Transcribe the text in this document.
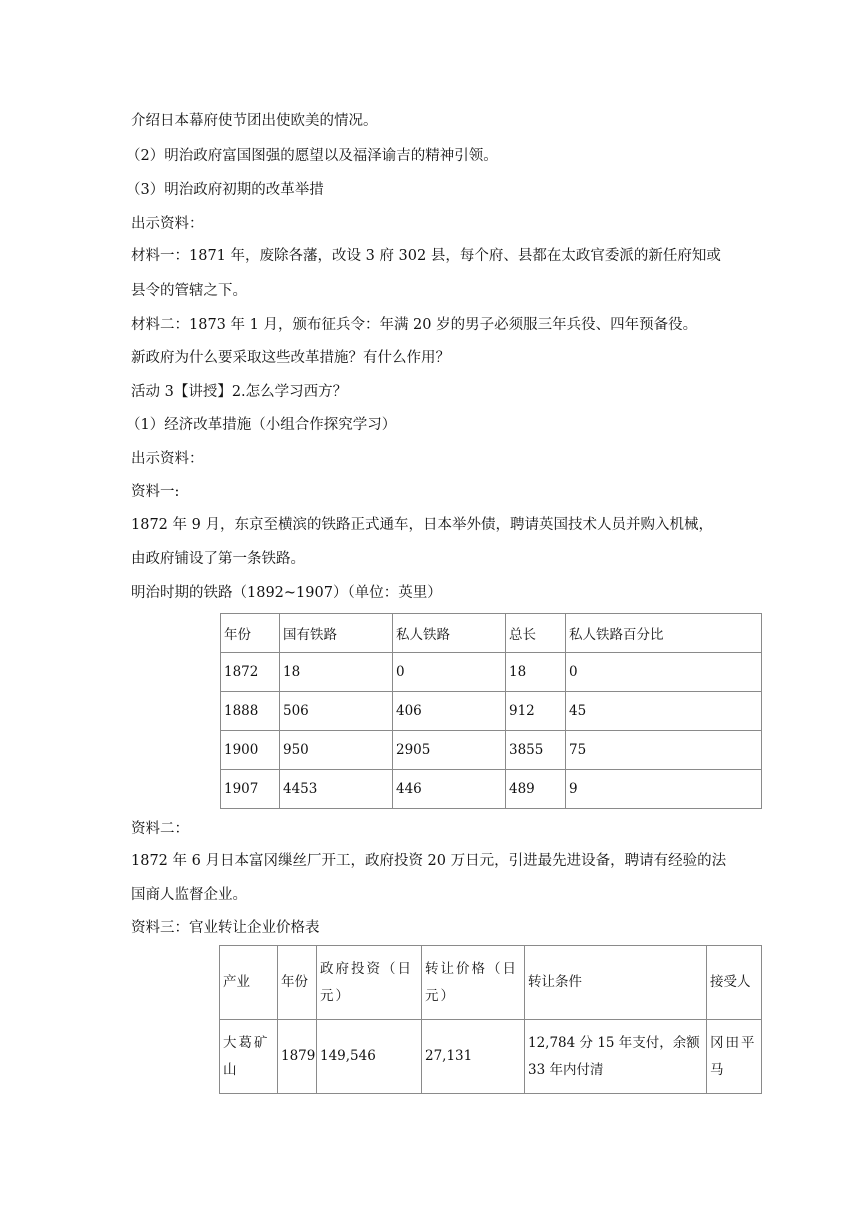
介绍日本幕府使节团出使欧美的情况。

（2）明治政府富国图强的愿望以及福泽谕吉的精神引领。

（3）明治政府初期的改革举措

出示资料：

材料一：1871 年，废除各藩，改设 3 府 302 县，每个府、县都在太政官委派的新任府知或

县令的管辖之下。

材料二：1873 年 1 月，颁布征兵令：年满 20 岁的男子必须服三年兵役、四年预备役。

新政府为什么要采取这些改革措施？有什么作用？

活动 3【讲授】2.怎么学习西方？

（1）经济改革措施（小组合作探究学习）

出示资料：

资料一:

1872 年 9 月，东京至横滨的铁路正式通车，日本举外债，聘请英国技术人员并购入机械，

由政府铺设了第一条铁路。

明治时期的铁路（1892~1907）（单位：英里）

年份	国有铁路	私人铁路	总长	私人铁路百分比
1872	18	0	18	0
1888	506	406	912	45
1900	950	2905	3855	75
1907	4453	446	489	9

资料二：

1872 年 6 月日本富冈缫丝厂开工，政府投资 20 万日元，引进最先进设备，聘请有经验的法

国商人监督企业。

资料三：官业转让企业价格表

产业	年份	政府投资（日元）	转让价格（日元）	转让条件	接受人
大葛矿山	1879	149,546	27,131	12,784 分 15 年支付，余额 33 年内付清	冈田平马
